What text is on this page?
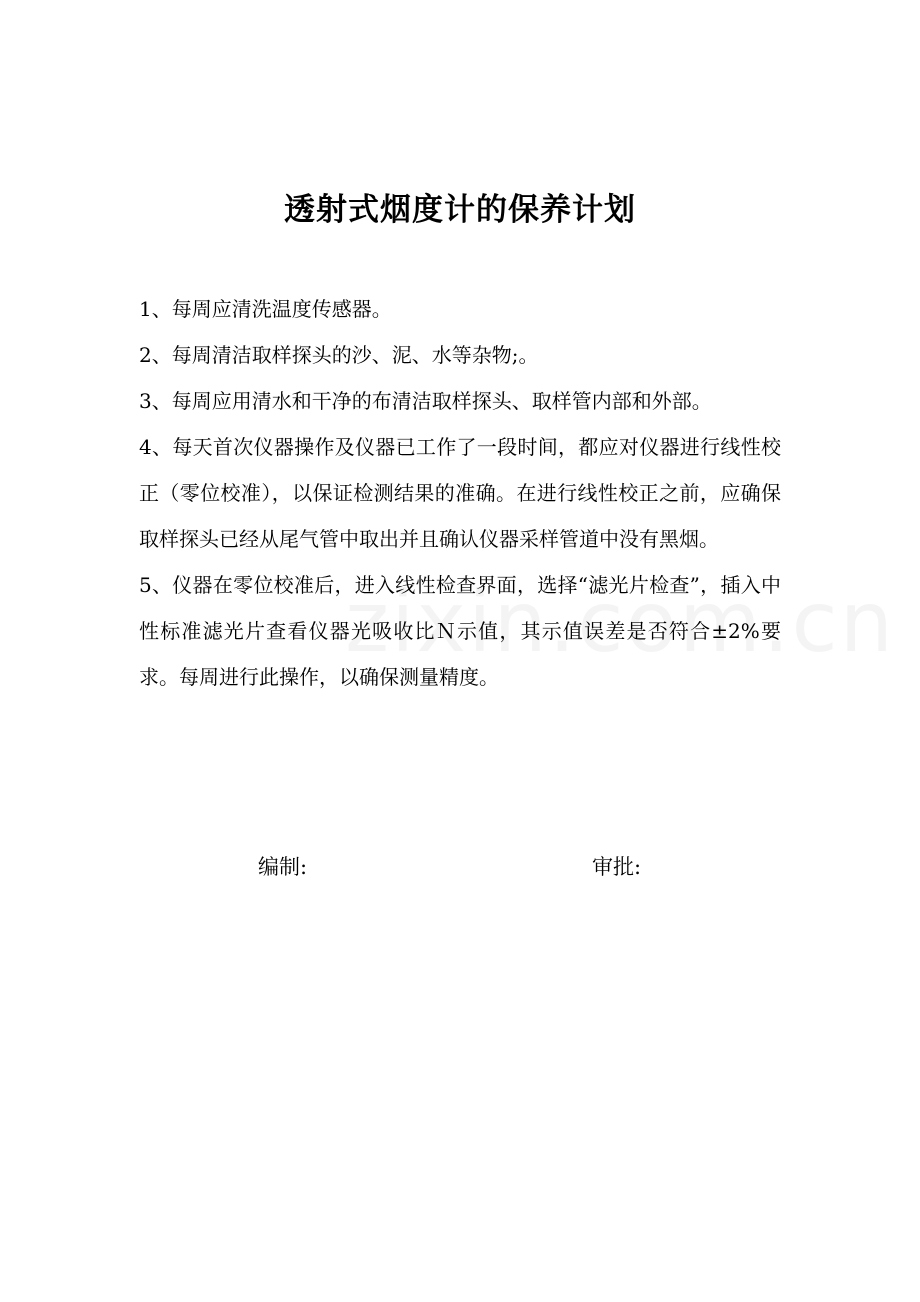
透射式烟度计的保养计划

1、每周应清洗温度传感器。

2、每周清洁取样探头的沙、泥、水等杂物;。

3、每周应用清水和干净的布清洁取样探头、取样管内部和外部。

4、每天首次仪器操作及仪器已工作了一段时间，都应对仪器进行线性校正（零位校准），以保证检测结果的准确。在进行线性校正之前，应确保取样探头已经从尾气管中取出并且确认仪器采样管道中没有黑烟。

5、仪器在零位校准后，进入线性检查界面，选择“滤光片检查”，插入中性标准滤光片查看仪器光吸收比Ｎ示值，其示值误差是否符合±2%要求。每周进行此操作，以确保测量精度。

编制:	审批:
